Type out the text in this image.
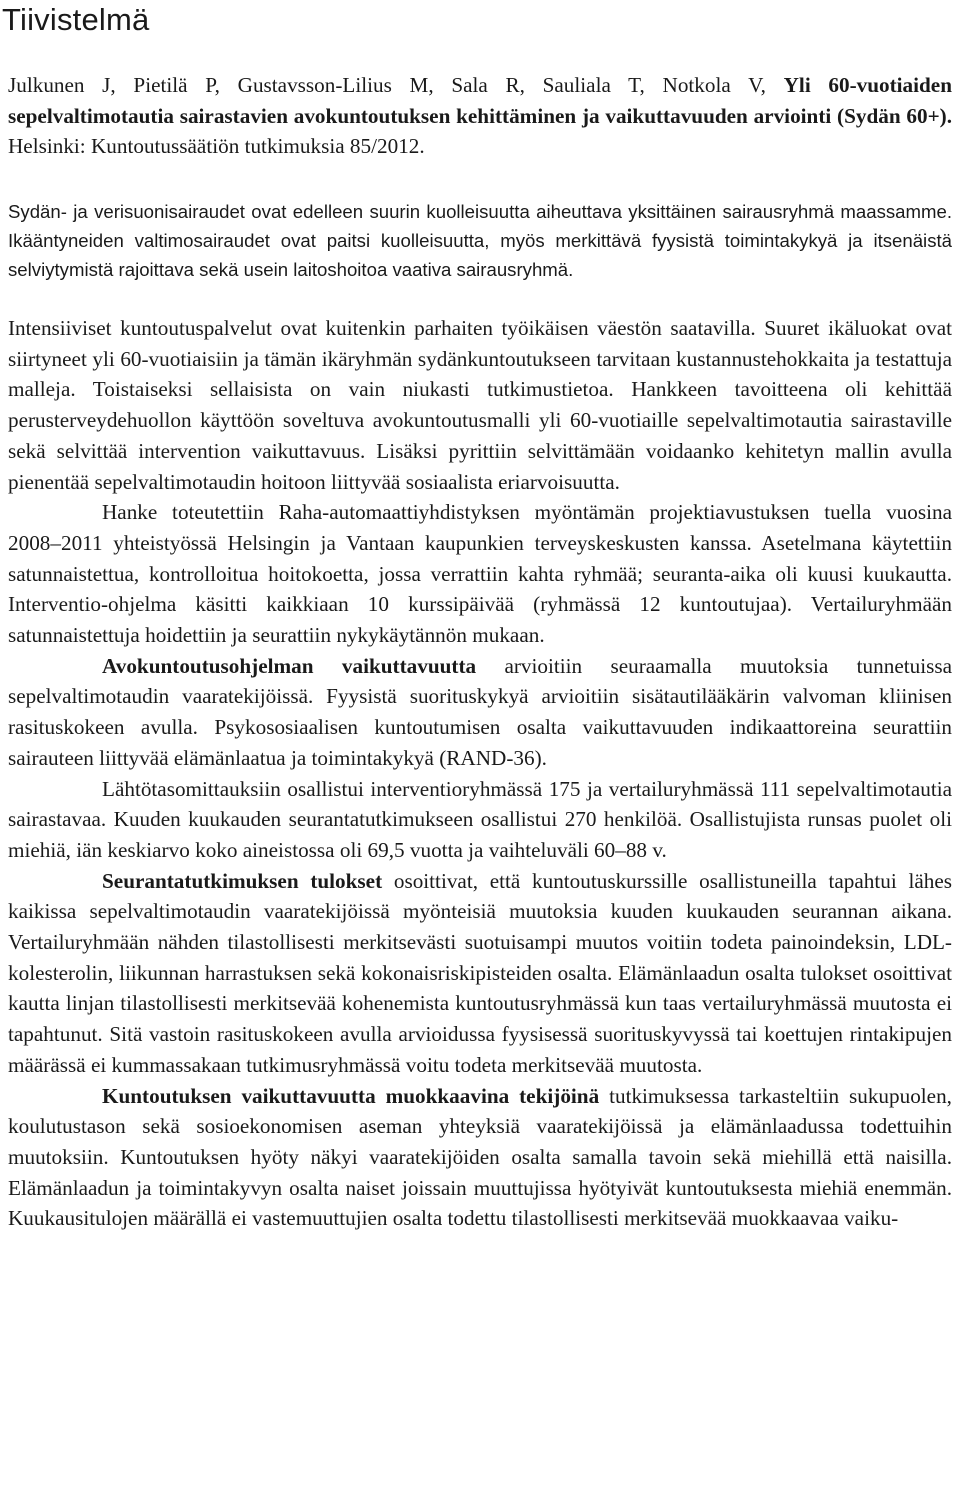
Tiivistelmä

Julkunen J, Pietilä P, Gustavsson-Lilius M, Sala R, Sauliala T, Notkola V, Yli 60-vuotiaiden sepelvaltimotautia sairastavien avokuntoutuksen kehittäminen ja vaikuttavuuden arviointi (Sydän 60+). Helsinki: Kuntoutussäätiön tutkimuksia 85/2012.

Sydän- ja verisuonisairaudet ovat edelleen suurin kuolleisuutta aiheuttava yksittäinen sairausryhmä maassamme. Ikääntyneiden valtimosairaudet ovat paitsi kuolleisuutta, myös merkittävä fyysistä toimintakykyä ja itsenäistä selviytymistä rajoittava sekä usein laitoshoitoa vaativa sairausryhmä.

Intensiiviset kuntoutuspalvelut ovat kuitenkin parhaiten työikäisen väestön saatavilla. Suuret ikäluokat ovat siirtyneet yli 60-vuotiaisiin ja tämän ikäryhmän sydänkuntoutukseen tarvitaan kustannustehokkaita ja testattuja malleja. Toistaiseksi sellaisista on vain niukasti tutkimustietoa. Hankkeen tavoitteena oli kehittää perusterveydehuollon käyttöön soveltuva avokuntoutusmalli yli 60-vuotiaille sepelvaltimotautia sairastaville sekä selvittää intervention vaikuttavuus. Lisäksi pyrittiin selvittämään voidaanko kehitetyn mallin avulla pienentää sepelvaltimotaudin hoitoon liittyvää sosiaalista eriarvoisuutta.

Hanke toteutettiin Raha-automaattiyhdistyksen myöntämän projektiavustuksen tuella vuosina 2008–2011 yhteistyössä Helsingin ja Vantaan kaupunkien terveyskeskusten kanssa. Asetelmana käytettiin satunnaistettua, kontrolloitua hoitokoetta, jossa verrattiin kahta ryhmää; seuranta-aika oli kuusi kuukautta. Interventio-ohjelma käsitti kaikkiaan 10 kurssipäivää (ryhmässä 12 kuntoutujaa). Vertailuryhmään satunnaistettuja hoidettiin ja seurattiin nykykäytännön mukaan.

Avokuntoutusohjelman vaikuttavuutta arvioitiin seuraamalla muutoksia tunnetuissa sepelvaltimotaudin vaaratekijöissä. Fyysistä suorituskykyä arvioitiin sisätautilääkärin valvoman kliinisen rasituskokeen avulla. Psykososiaalisen kuntoutumisen osalta vaikuttavuuden indikaattoreina seurattiin sairauteen liittyvää elämänlaatua ja toimintakykyä (RAND-36).

Lähtötasomittauksiin osallistui interventioryhmässä 175 ja vertailuryhmässä 111 sepelvaltimotautia sairastavaa. Kuuden kuukauden seurantatutkimukseen osallistui 270 henkilöä. Osallistujista runsas puolet oli miehiä, iän keskiarvo koko aineistossa oli 69,5 vuotta ja vaihteluväli 60–88 v.

Seurantatutkimuksen tulokset osoittivat, että kuntoutuskurssille osallistuneilla tapahtui lähes kaikissa sepelvaltimotaudin vaaratekijöissä myönteisiä muutoksia kuuden kuukauden seurannan aikana. Vertailuryhmään nähden tilastollisesti merkitsevästi suotuisampi muutos voitiin todeta painoindeksin, LDL-kolesterolin, liikunnan harrastuksen sekä kokonaisriskipisteiden osalta. Elämänlaadun osalta tulokset osoittivat kautta linjan tilastollisesti merkitsevää kohenemista kuntoutusryhmässä kun taas vertailuryhmässä muutosta ei tapahtunut. Sitä vastoin rasituskokeen avulla arvioidussa fyysisessä suorituskyvyssä tai koettujen rintakipujen määrässä ei kummassakaan tutkimusryhmässä voitu todeta merkitsevää muutosta.

Kuntoutuksen vaikuttavuutta muokkaavina tekijöinä tutkimuksessa tarkasteltiin sukupuolen, koulutustason sekä sosioekonomisen aseman yhteyksiä vaaratekijöissä ja elämänlaadussa todettuihin muutoksiin. Kuntoutuksen hyöty näkyi vaaratekijöiden osalta samalla tavoin sekä miehillä että naisilla. Elämänlaadun ja toimintakyvyn osalta naiset joissain muuttujissa hyötyivät kuntoutuksesta miehiä enemmän. Kuukausitulojen määrällä ei vastemuuttujien osalta todettu tilastollisesti merkitsevää muokkaavaa vaiku-
